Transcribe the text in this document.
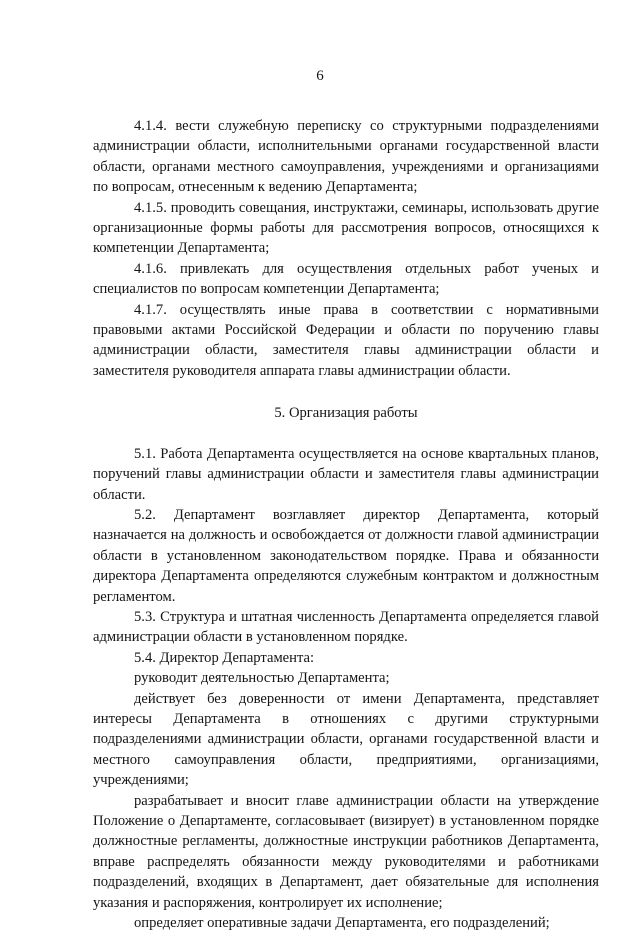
6

4.1.4. вести служебную переписку со структурными подразделениями администрации области, исполнительными органами государственной власти области, органами местного самоуправления, учреждениями и организациями по вопросам, отнесенным к ведению Департамента;

4.1.5. проводить совещания, инструктажи, семинары, использовать другие организационные формы работы для рассмотрения вопросов, относящихся к компетенции Департамента;

4.1.6. привлекать для осуществления отдельных работ ученых и специалистов по вопросам компетенции Департамента;

4.1.7. осуществлять иные права в соответствии с нормативными правовыми актами Российской Федерации и области по поручению главы администрации области, заместителя главы администрации области и заместителя руководителя аппарата главы администрации области.

5. Организация работы

5.1. Работа Департамента осуществляется на основе квартальных планов, поручений главы администрации области и заместителя главы администрации области.

5.2. Департамент возглавляет директор Департамента, который назначается на должность и освобождается от должности главой администрации области в установленном законодательством порядке. Права и обязанности директора Департамента определяются служебным контрактом и должностным регламентом.

5.3. Структура и штатная численность Департамента определяется главой администрации области в установленном порядке.

5.4. Директор Департамента:

руководит деятельностью Департамента;

действует без доверенности от имени Департамента, представляет интересы Департамента в отношениях с другими структурными подразделениями администрации области, органами государственной власти и местного самоуправления области, предприятиями, организациями, учреждениями;

разрабатывает и вносит главе администрации области на утверждение Положение о Департаменте, согласовывает (визирует) в установленном порядке должностные регламенты, должностные инструкции работников Департамента, вправе распределять обязанности между руководителями и работниками подразделений, входящих в Департамент, дает обязательные для исполнения указания и распоряжения, контролирует их исполнение;

определяет оперативные задачи Департамента, его подразделений;
